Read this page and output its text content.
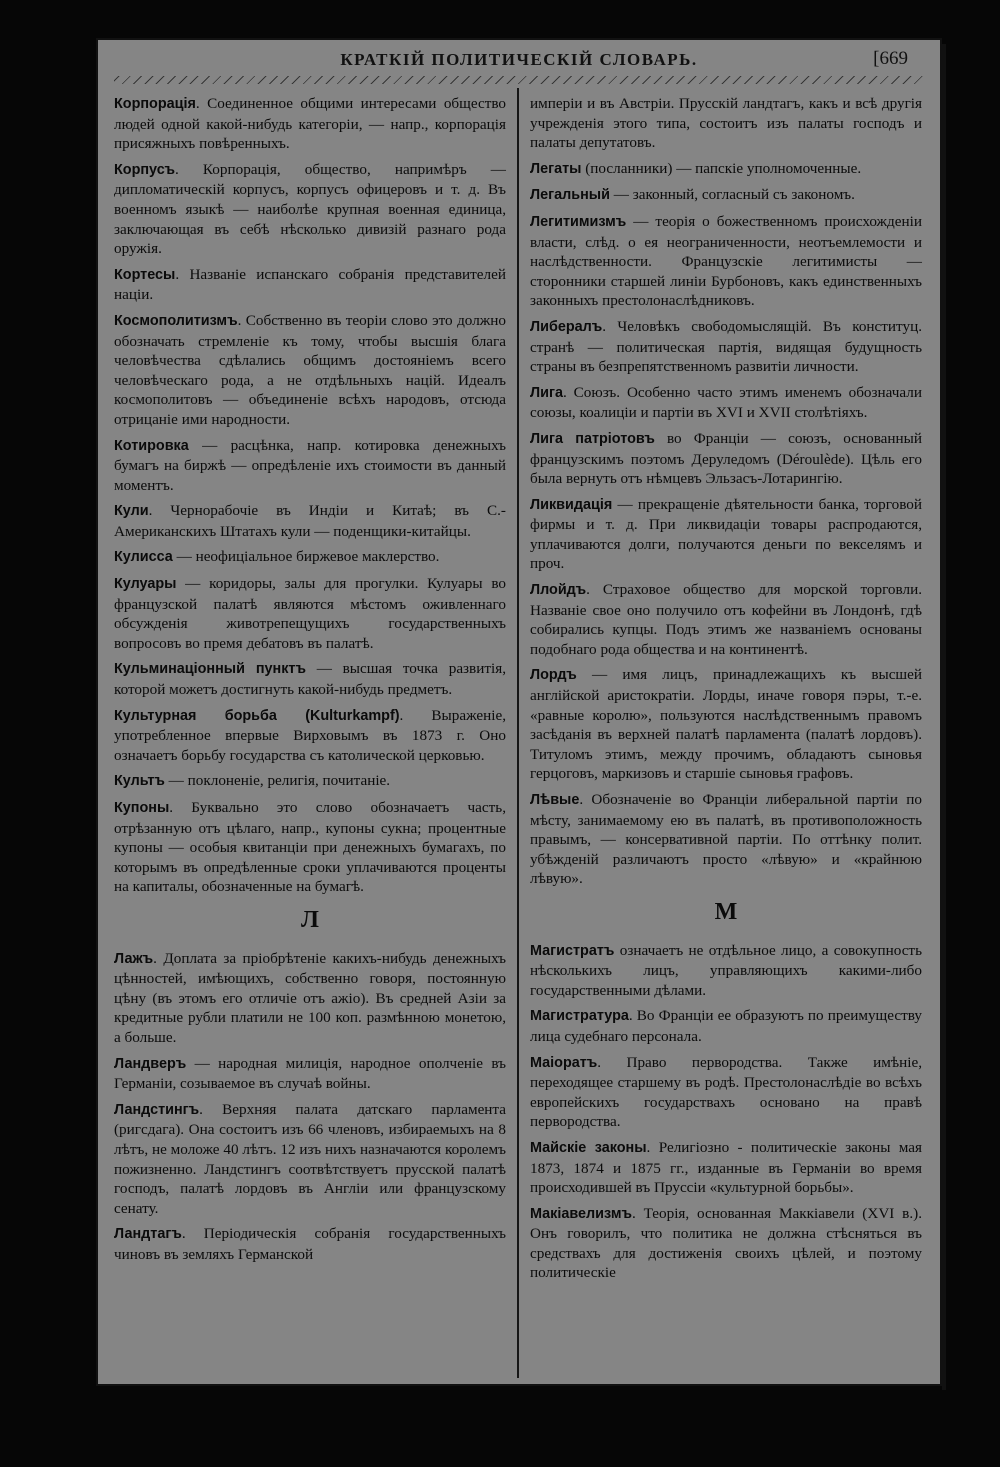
КРАТКІЙ ПОЛИТИЧЕСКІЙ СЛОВАРЬ.	[669
Корпорація. Соединенное общими интересами общество людей одной какой-нибудь категоріи, — напр., корпорація присяжныхъ повѣренныхъ.
Корпусъ. Корпорація, общество, напримѣръ — дипломатическій корпусъ, корпусъ офицеровъ и т. д. Въ военномъ языкѣ — наиболѣе крупная военная единица, заключающая въ себѣ нѣсколько дивизій разнаго рода оружія.
Кортесы. Названіе испанскаго собранія представителей націи.
Космополитизмъ. Собственно въ теоріи слово это должно обозначать стремленіе къ тому, чтобы высшія блага человѣчества сдѣлались общимъ достояніемъ всего человѣческаго рода, а не отдѣльныхъ націй. Идеалъ космополитовъ — объединеніе всѣхъ народовъ, отсюда отрицаніе ими народности.
Котировка — расцѣнка, напр. котировка денежныхъ бумагъ на биржѣ — опредѣленіе ихъ стоимости въ данный моментъ.
Кули. Чернорабочіе въ Индіи и Китаѣ; въ С.-Американскихъ Штатахъ кули — поденщики-китайцы.
Кулисса — неофиціальное биржевое маклерство.
Кулуары — коридоры, залы для прогулки. Кулуары во французской палатѣ являются мѣстомъ оживленнаго обсужденія животрепещущихъ государственныхъ вопросовъ во премя дебатовъ въ палатѣ.
Кульминаціонный пунктъ — высшая точка развитія, которой можетъ достигнуть какой-нибудь предметъ.
Культурная борьба (Kulturkampf). Выраженіе, употребленное впервые Вирховымъ въ 1873 г. Оно означаетъ борьбу государства съ католической церковью.
Культъ — поклоненіе, религія, почитаніе.
Купоны. Буквально это слово обозначаетъ часть, отрѣзанную отъ цѣлаго, напр., купоны сукна; процентные купоны — особыя квитанціи при денежныхъ бумагахъ, по которымъ въ опредѣленные сроки уплачиваются проценты на капиталы, обозначенные на бумагѣ.
Л
Лажъ. Доплата за пріобрѣтеніе какихъ-нибудь денежныхъ цѣнностей, имѣющихъ, собственно говоря, постоянную цѣну (въ этомъ его отличіе отъ ажіо). Въ средней Азіи за кредитные рубли платили не 100 коп. размѣнною монетою, а больше.
Ландверъ — народная милиція, народное ополченіе въ Германіи, созываемое въ случаѣ войны.
Ландстингъ. Верхняя палата датскаго парламента (ригсдага). Она состоитъ изъ 66 членовъ, избираемыхъ на 8 лѣтъ, не моложе 40 лѣтъ. 12 изъ нихъ назначаются королемъ пожизненно. Ландстингъ соотвѣтствуетъ прусской палатѣ господъ, палатѣ лордовъ въ Англіи или французскому сенату.
Ландтагъ. Періодическія собранія государственныхъ чиновъ въ земляхъ Германской
имперіи и въ Австріи. Прусскій ландтагъ, какъ и всѣ другія учрежденія этого типа, состоитъ изъ палаты господъ и палаты депутатовъ.
Легаты (посланники) — папскіе уполномоченные.
Легальный — законный, согласный съ закономъ.
Легитимизмъ — теорія о божественномъ происхожденіи власти, слѣд. о ея неограниченности, неотъемлемости и наслѣдственности. Французскіе легитимисты — сторонники старшей линіи Бурбоновъ, какъ единственныхъ законныхъ престолонаслѣдниковъ.
Либералъ. Человѣкъ свободомыслящій. Въ конституц. странѣ — политическая партія, видящая будущность страны въ безпрепятственномъ развитіи личности.
Лига. Союзъ. Особенно часто этимъ именемъ обозначали союзы, коалиціи и партіи въ XVI и XVII столѣтіяхъ.
Лига патріотовъ во Франціи — союзъ, основанный французскимъ поэтомъ Деруледомъ (Déroulède). Цѣль его была вернуть отъ нѣмцевъ Эльзасъ-Лотарингію.
Ликвидація — прекращеніе дѣятельности банка, торговой фирмы и т. д. При ликвидаціи товары распродаются, уплачиваются долги, получаются деньги по векселямъ и проч.
Ллойдъ. Страховое общество для морской торговли. Названіе свое оно получило отъ кофейни въ Лондонѣ, гдѣ собирались купцы. Подъ этимъ же названіемъ основаны подобнаго рода общества и на континентѣ.
Лордъ — имя лицъ, принадлежащихъ къ высшей англійской аристократіи. Лорды, иначе говоря пэры, т.-е. «равные королю», пользуются наслѣдственнымъ правомъ засѣданія въ верхней палатѣ парламента (палатѣ лордовъ). Титуломъ этимъ, между прочимъ, обладаютъ сыновья герцоговъ, маркизовъ и старшіе сыновья графовъ.
Лѣвые. Обозначеніе во Франціи либеральной партіи по мѣсту, занимаемому ею въ палатѣ, въ противоположность правымъ, — консервативной партіи. По оттѣнку полит. убѣжденій различаютъ просто «лѣвую» и «крайнюю лѣвую».
М
Магистратъ означаетъ не отдѣльное лицо, а совокупность нѣсколькихъ лицъ, управляющихъ какими-либо государственными дѣлами.
Магистратура. Во Франціи ее образуютъ по преимуществу лица судебнаго персонала.
Маіоратъ. Право первородства. Также имѣніе, переходящее старшему въ родѣ. Престолонаслѣдіе во всѣхъ европейскихъ государствахъ основано на правѣ первородства.
Майскіе законы. Религіозно - политическіе законы мая 1873, 1874 и 1875 гг., изданные въ Германіи во время происходившей въ Пруссіи «культурной борьбы».
Макіавелизмъ. Теорія, основанная Маккіавели (XVI в.). Онъ говорилъ, что политика не должна стѣсняться въ средствахъ для достиженія своихъ цѣлей, и поэтому политическіе
